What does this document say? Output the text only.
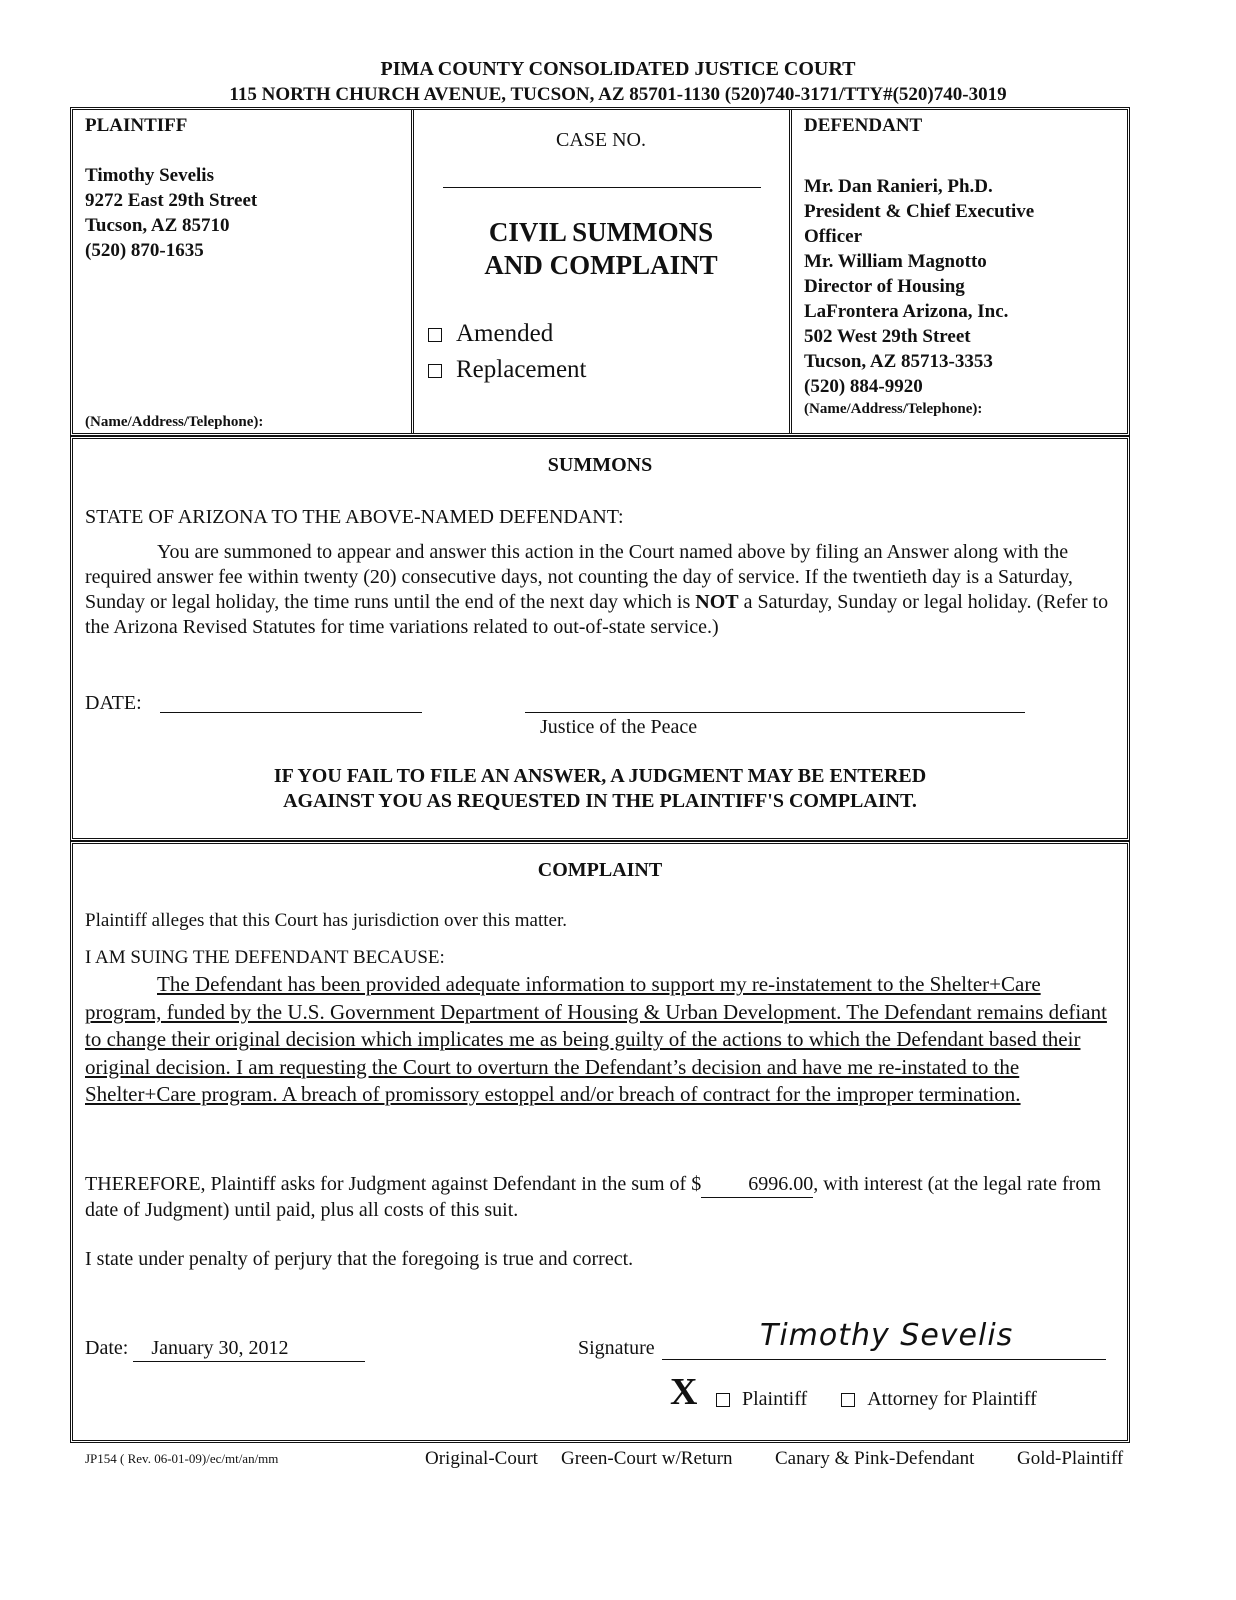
PIMA COUNTY CONSOLIDATED JUSTICE COURT
115 NORTH CHURCH AVENUE, TUCSON, AZ 85701-1130 (520)740-3171/TTY#(520)740-3019
PLAINTIFF
Timothy Sevelis
9272 East 29th Street
Tucson, AZ 85710
(520) 870-1635
(Name/Address/Telephone):
CASE NO.
CIVIL SUMMONS
AND COMPLAINT
Amended
Replacement
DEFENDANT
Mr. Dan Ranieri, Ph.D.
President & Chief Executive
Officer
Mr. William Magnotto
Director of Housing
LaFrontera Arizona, Inc.
502 West 29th Street
Tucson, AZ 85713-3353
(520) 884-9920
(Name/Address/Telephone):
SUMMONS
STATE OF ARIZONA TO THE ABOVE-NAMED DEFENDANT:
You are summoned to appear and answer this action in the Court named above by filing an Answer along with the required answer fee within twenty (20) consecutive days, not counting the day of service. If the twentieth day is a Saturday, Sunday or legal holiday, the time runs until the end of the next day which is NOT a Saturday, Sunday or legal holiday. (Refer to the Arizona Revised Statutes for time variations related to out-of-state service.)
DATE:
Justice of the Peace
IF YOU FAIL TO FILE AN ANSWER, A JUDGMENT MAY BE ENTERED
AGAINST YOU AS REQUESTED IN THE PLAINTIFF'S COMPLAINT.
COMPLAINT
Plaintiff alleges that this Court has jurisdiction over this matter.
I AM SUING THE DEFENDANT BECAUSE:
The Defendant has been provided adequate information to support my re-instatement to the Shelter+Care program, funded by the U.S. Government Department of Housing & Urban Development. The Defendant remains defiant to change their original decision which implicates me as being guilty of the actions to which the Defendant based their original decision. I am requesting the Court to overturn the Defendant’s decision and have me re-instated to the Shelter+Care program. A breach of promissory estoppel and/or breach of contract for the improper termination.
THEREFORE, Plaintiff asks for Judgment against Defendant in the sum of $ 6996.00, with interest (at the legal rate from date of Judgment) until paid, plus all costs of this suit.
I state under penalty of perjury that the foregoing is true and correct.
Date: January 30, 2012	Signature	Timothy Sevelis
X	Plaintiff	Attorney for Plaintiff
JP154 ( Rev. 06-01-09)/ec/mt/an/mm	Original-Court Green-Court w/Return Canary & Pink-Defendant Gold-Plaintiff
